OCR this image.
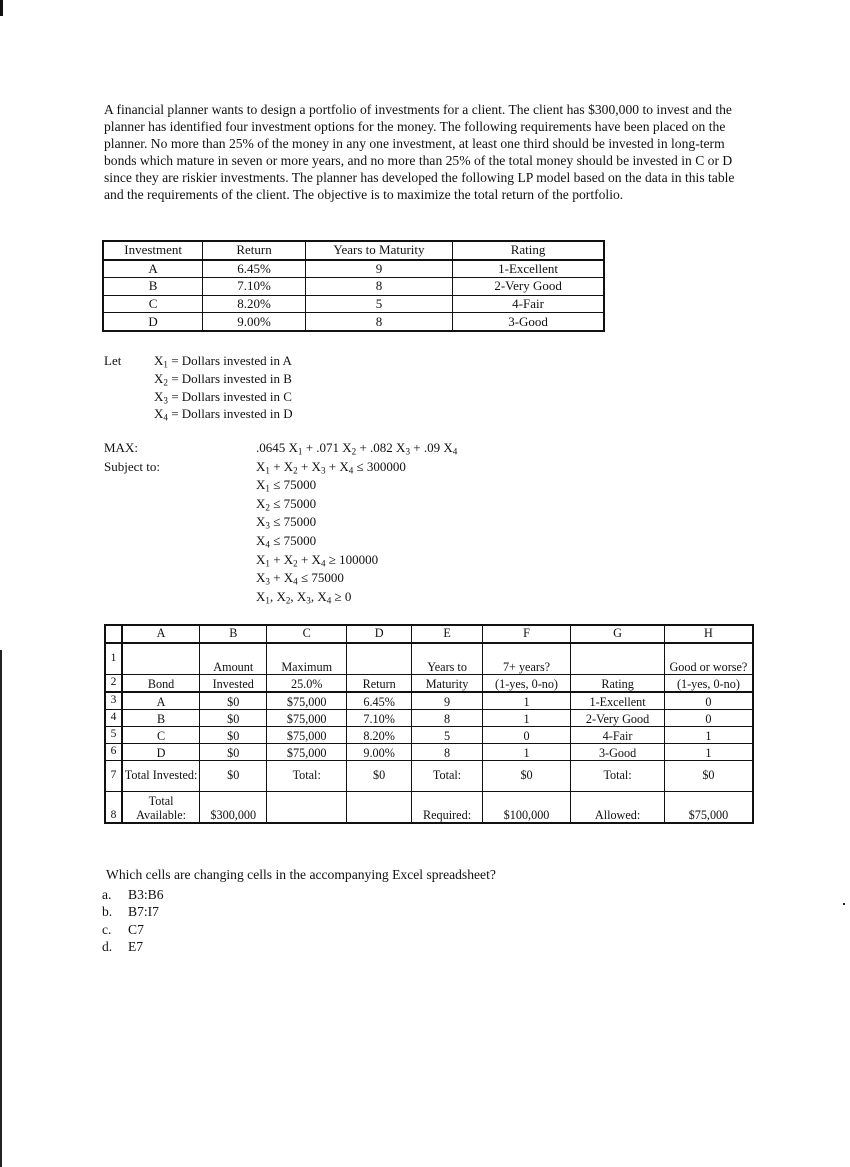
A financial planner wants to design a portfolio of investments for a client. The client has $300,000 to invest and the planner has identified four investment options for the money. The following requirements have been placed on the planner. No more than 25% of the money in any one investment, at least one third should be invested in long-term bonds which mature in seven or more years, and no more than 25% of the total money should be invested in C or D since they are riskier investments. The planner has developed the following LP model based on the data in this table and the requirements of the client. The objective is to maximize the total return of the portfolio.

Investment	Return	Years to Maturity	Rating
A	6.45%	9	1-Excellent
B	7.10%	8	2-Very Good
C	8.20%	5	4-Fair
D	9.00%	8	3-Good
Let	$X_1$ = Dollars invested in A
$X_2$ = Dollars invested in B
$X_3$ = Dollars invested in C
$X_4$ = Dollars invested in D
MAX:
Subject to:
.0645 $X_1 + .071$ $X_2 + .082$ $X_3 + .09$ $X_4$
$X_1 + X_2 + X_3 + X_4 \le 300000$
$X_1 \le 75000$
$X_2 \le 75000$
$X_3 \le 75000$
$X_4 \le 75000$
$X_1 + X_2 + X_4 \ge 100000$
$X_3 + X_4 \le 75000$
$X_1$, $X_2$, $X_3$, $X_4 \ge 0$
	A	B	C	D	E	F	G	H
1		Amount	Maximum		Years to	7+ years?		Good or worse?
2	Bond	Invested	25.0%	Return	Maturity	(1-yes, 0-no)	Rating	(1-yes, 0-no)
3	A	$0	$75,000	6.45%	9	1	1-Excellent	0
4	B	$0	$75,000	7.10%	8	1	2-Very Good	0
5	C	$0	$75,000	8.20%	5	0	4-Fair	1
6	D	$0	$75,000	9.00%	8	1	3-Good	1
7	Total Invested:	$0	Total:	$0	Total:	$0	Total:	$0
8	Total Available:	$300,000			Required:	$100,000	Allowed:	$75,000

Which cells are changing cells in the accompanying Excel spreadsheet?

a. B3:B6
b. B7:I7
c. C7
d. E7
